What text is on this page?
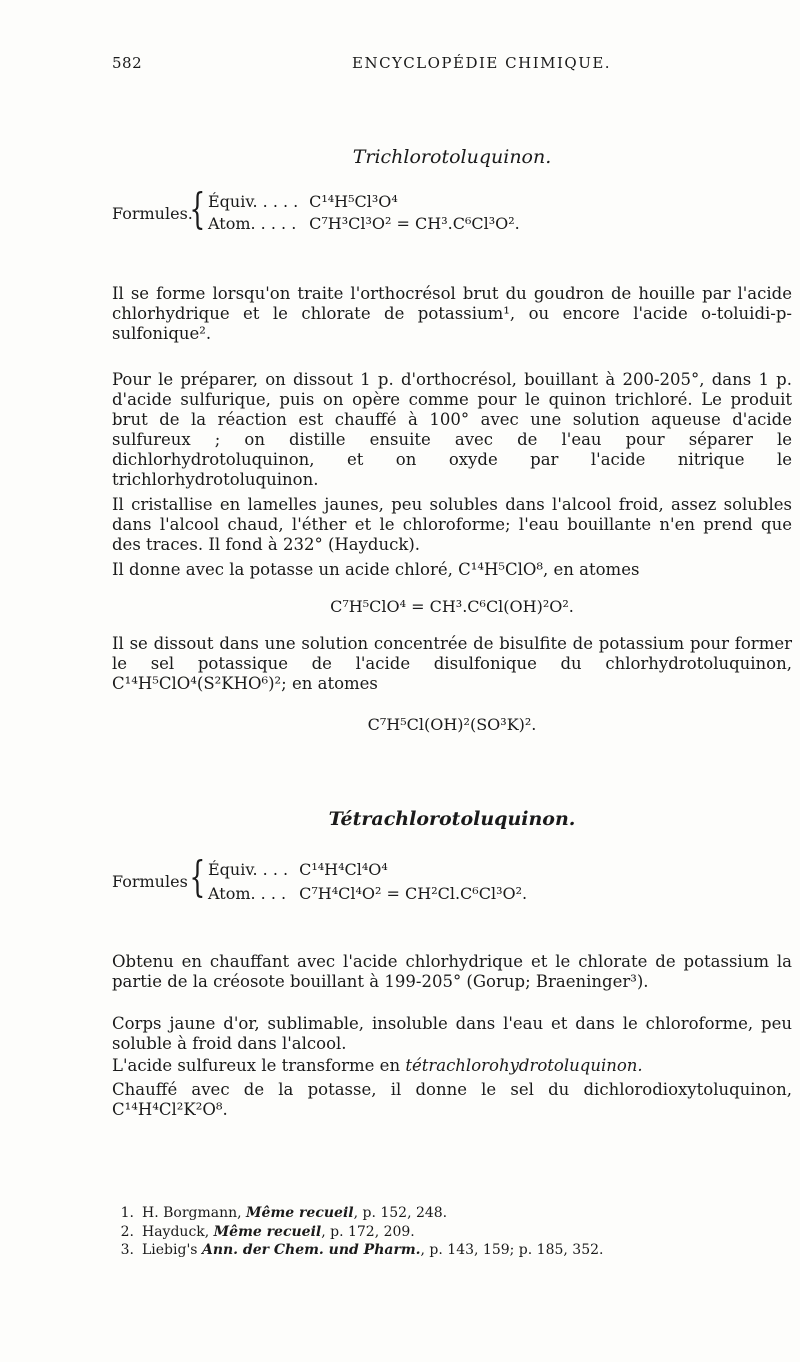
582	ENCYCLOPÉDIE CHIMIQUE.
Trichlorotoluquinon.
Formules.
{ Équiv. . . . . C¹⁴H⁵Cl³O⁴
Atom. . . . . C⁷H³Cl³O² = CH³.C⁶Cl³O².

Il se forme lorsqu'on traite l'orthocrésol brut du goudron de houille par l'acide chlorhydrique et le chlorate de potassium¹, ou encore l'acide o-toluidi-p-sulfonique².

Pour le préparer, on dissout 1 p. d'orthocrésol, bouillant à 200-205°, dans 1 p. d'acide sulfurique, puis on opère comme pour le quinon trichloré. Le produit brut de la réaction est chauffé à 100° avec une solution aqueuse d'acide sulfureux ; on distille ensuite avec de l'eau pour séparer le dichlorhydrotoluquinon, et on oxyde par l'acide nitrique le trichlorhydrotoluquinon.

Il cristallise en lamelles jaunes, peu solubles dans l'alcool froid, assez solubles dans l'alcool chaud, l'éther et le chloroforme; l'eau bouillante n'en prend que des traces. Il fond à 232° (Hayduck).

Il donne avec la potasse un acide chloré, C¹⁴H⁵ClO⁸, en atomes

C⁷H⁵ClO⁴ = CH³.C⁶Cl(OH)²O².

Il se dissout dans une solution concentrée de bisulfite de potassium pour former le sel potassique de l'acide disulfonique du chlorhydrotoluquinon, C¹⁴H⁵ClO⁴(S²KHO⁶)²; en atomes

C⁷H⁵Cl(OH)²(SO³K)².
Tétrachlorotoluquinon.
Formules { Équiv. . . . C¹⁴H⁴Cl⁴O⁴
Atom. . . . C⁷H⁴Cl⁴O² = CH²Cl.C⁶Cl³O².

Obtenu en chauffant avec l'acide chlorhydrique et le chlorate de potassium la partie de la créosote bouillant à 199-205° (Gorup; Braeninger³).

Corps jaune d'or, sublimable, insoluble dans l'eau et dans le chloroforme, peu soluble à froid dans l'alcool.

L'acide sulfureux le transforme en tétrachlorohydrotoluquinon.

Chauffé avec de la potasse, il donne le sel du dichlorodioxytoluquinon, C¹⁴H⁴Cl²K²O⁸.

1. H. Borgmann, Même recueil, p. 152, 248.
2. Hayduck, Même recueil, p. 172, 209.
3. Liebig's Ann. der Chem. und Pharm., p. 143, 159; p. 185, 352.
